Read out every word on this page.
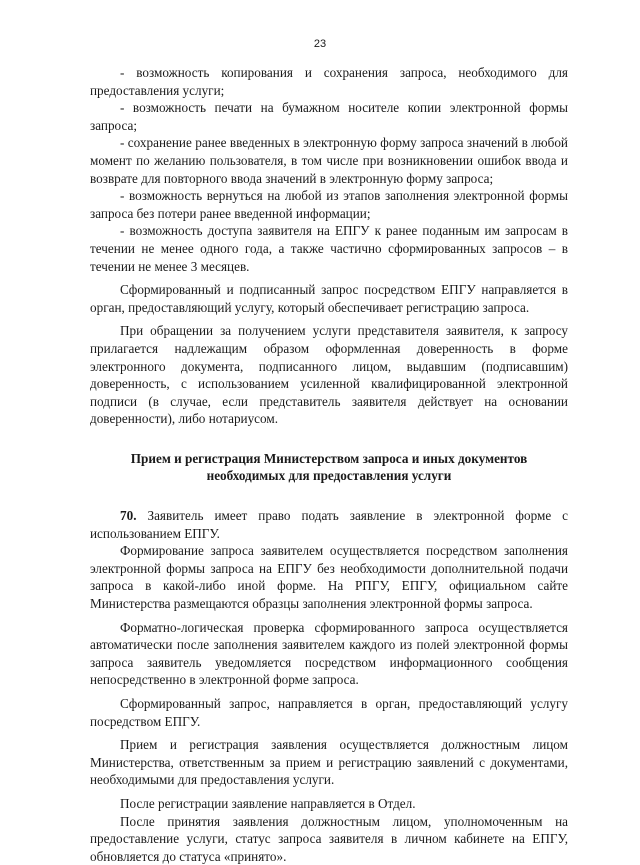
23

- возможность копирования и сохранения запроса, необходимого для предоставления услуги;

- возможность печати на бумажном носителе копии электронной формы запроса;

- сохранение ранее введенных в электронную форму запроса значений в любой момент по желанию пользователя, в том числе при возникновении ошибок ввода и возврате для повторного ввода значений в электронную форму запроса;

- возможность вернуться на любой из этапов заполнения электронной формы запроса без потери ранее введенной информации;

- возможность доступа заявителя на ЕПГУ к ранее поданным им запросам в течении не менее одного года, а также частично сформированных запросов – в течении не менее 3 месяцев.

Сформированный и подписанный запрос посредством ЕПГУ направляется в орган, предоставляющий услугу, который обеспечивает регистрацию запроса.

При обращении за получением услуги представителя заявителя, к запросу прилагается надлежащим образом оформленная доверенность в форме электронного документа, подписанного лицом, выдавшим (подписавшим) доверенность, с использованием усиленной квалифицированной электронной подписи (в случае, если представитель заявителя действует на основании доверенности), либо нотариусом.

Прием и регистрация Министерством запроса и иных документов
необходимых для предоставления услуги

70. Заявитель имеет право подать заявление в электронной форме с использованием ЕПГУ.

Формирование запроса заявителем осуществляется посредством заполнения электронной формы запроса на ЕПГУ без необходимости дополнительной подачи запроса в какой-либо иной форме. На РПГУ, ЕПГУ, официальном сайте Министерства размещаются образцы заполнения электронной формы запроса.

Форматно-логическая проверка сформированного запроса осуществляется автоматически после заполнения заявителем каждого из полей электронной формы запроса заявитель уведомляется посредством информационного сообщения непосредственно в электронной форме запроса.

Сформированный запрос, направляется в орган, предоставляющий услугу посредством ЕПГУ.

Прием и регистрация заявления осуществляется должностным лицом Министерства, ответственным за прием и регистрацию заявлений с документами, необходимыми для предоставления услуги.

После регистрации заявление направляется в Отдел.

После принятия заявления должностным лицом, уполномоченным на предоставление услуги, статус запроса заявителя в личном кабинете на ЕПГУ, обновляется до статуса «принято».
